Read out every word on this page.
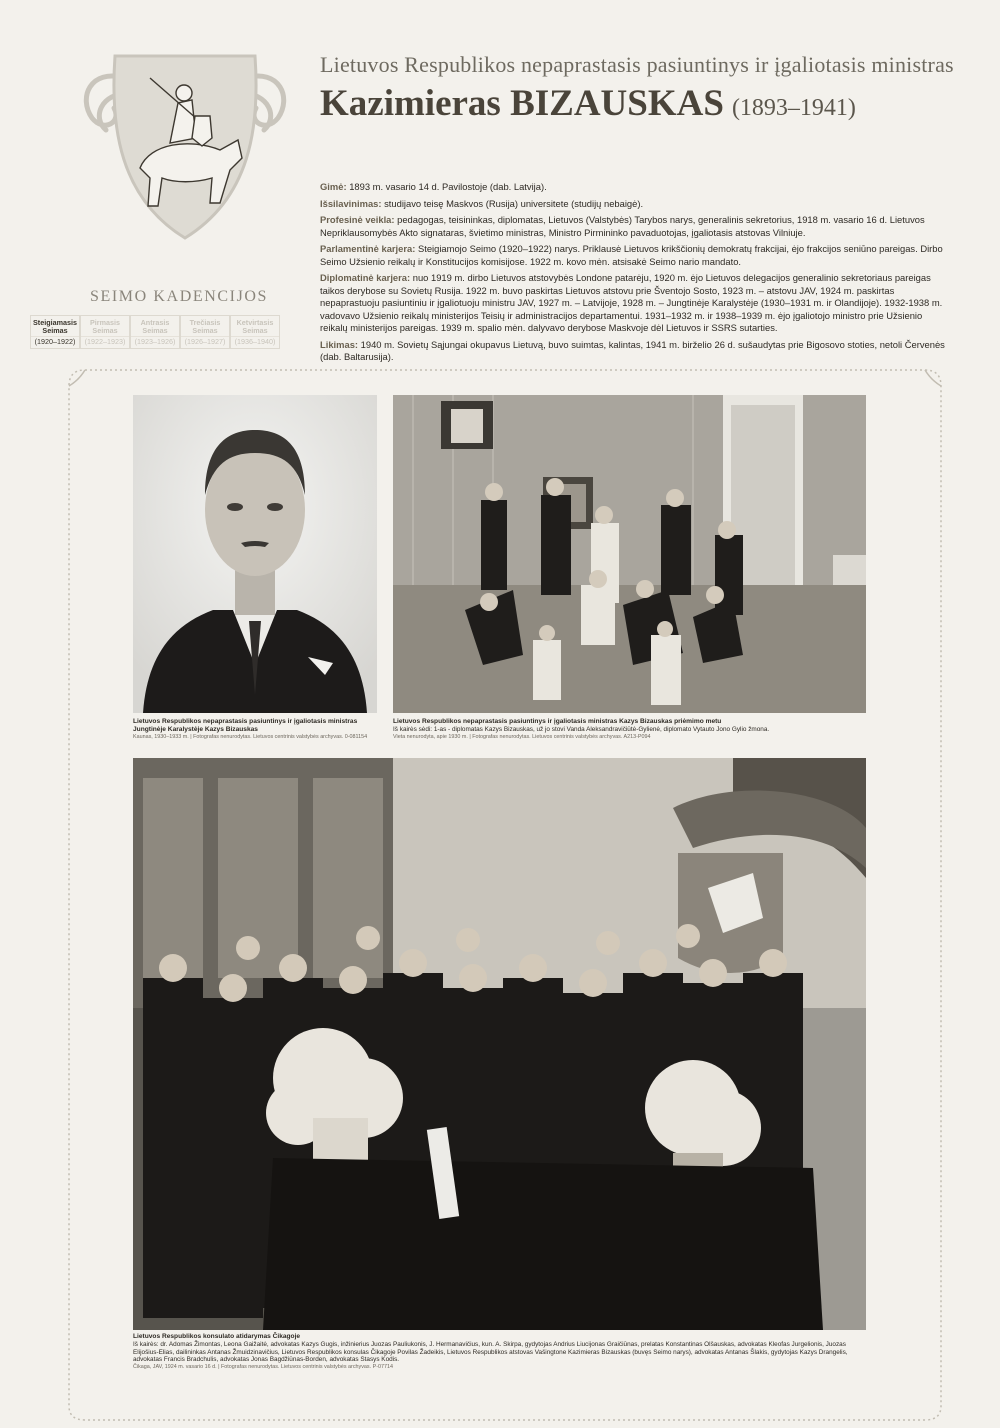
Lietuvos Respublikos nepaprastasis pasiuntinys ir įgaliotasis ministras
Kazimieras BIZAUSKAS (1893–1941)

Gimė: 1893 m. vasario 14 d. Pavilostoje (dab. Latvija).

Išsilavinimas: studijavo teisę Maskvos (Rusija) universitete (studijų nebaigė).

Profesinė veikla: pedagogas, teisininkas, diplomatas, Lietuvos (Valstybės) Tarybos narys, generalinis sekretorius, 1918 m. vasario 16 d. Lietuvos Nepriklausomybės Akto signataras, švietimo ministras, Ministro Pirmininko pavaduotojas, įgaliotasis atstovas Vilniuje.

Parlamentinė karjera: Steigiamojo Seimo (1920–1922) narys. Priklausė Lietuvos krikščionių demokratų frakcijai, ėjo frakcijos seniūno pareigas. Dirbo Seimo Užsienio reikalų ir Konstitucijos komisijose. 1922 m. kovo mėn. atsisakė Seimo nario mandato.

Diplomatinė karjera: nuo 1919 m. dirbo Lietuvos atstovybės Londone patarėju, 1920 m. ėjo Lietuvos delegacijos generalinio sekretoriaus pareigas taikos derybose su Sovietų Rusija. 1922 m. buvo paskirtas Lietuvos atstovu prie Šventojo Sosto, 1923 m. – atstovu JAV, 1924 m. paskirtas nepaprastuoju pasiuntiniu ir įgaliotuoju ministru JAV, 1927 m. – Latvijoje, 1928 m. – Jungtinėje Karalystėje (1930–1931 m. ir Olandijoje). 1932-1938 m. vadovavo Užsienio reikalų ministerijos Teisių ir administracijos departamentui. 1931–1932 m. ir 1938–1939 m. ėjo įgaliotojo ministro prie Užsienio reikalų ministerijos pareigas. 1939 m. spalio mėn. dalyvavo derybose Maskvoje dėl Lietuvos ir SSRS sutarties.

Likimas: 1940 m. Sovietų Sąjungai okupavus Lietuvą, buvo suimtas, kalintas, 1941 m. birželio 26 d. sušaudytas prie Bigosovo stoties, netoli Červenės (dab. Baltarusija).

SEIMO KADENCIJOS
Steigiamasis
Seimas
(1920–1922)
Pirmasis
Seimas
(1922–1923)
Antrasis
Seimas
(1923–1926)
Trečiasis
Seimas
(1926–1927)
Ketvirtasis
Seimas
(1936–1940)
Lietuvos Respublikos nepaprastasis pasiuntinys ir įgaliotasis ministras
Jungtinėje Karalystėje Kazys Bizauskas
Kaunas, 1930–1933 m. | Fotografas nenurodytas. Lietuvos centrinis valstybės archyvas. 0-081154
Lietuvos Respublikos nepaprastasis pasiuntinys ir įgaliotasis ministras Kazys Bizauskas priėmimo metu
Iš kairės sėdi: 1-as - diplomatas Kazys Bizauskas, už jo stovi Vanda Aleksandravičiūtė-Gylienė, diplomato Vytauto Jono Gylio žmona.
Vieta nenurodyta, apie 1930 m. | Fotografas nenurodytas. Lietuvos centrinis valstybės archyvas. A213-P094
Lietuvos Respublikos konsulato atidarymas Čikagoje
Iš kairės: dr. Adomas Žimontas, Leona Gaižaitė, advokatas Kazys Gugis, inžinierius Juozas Pauliukonis, J. Hermanavičius, kun. A. Skirpa, gydytojas Andrius Liucijonas Graičiūnas, prelatas Konstantinas Olšauskas, advokatas Kleofas Jurgelionis, Juozas Elijošius-Elias, dailininkas Antanas Žmuidzinavičius, Lietuvos Respublikos konsulas Čikagoje Povilas Žadeikis, Lietuvos Respublikos atstovas Vašingtone Kazimieras Bizauskas (buvęs Seimo narys), advokatas Antanas Šlakis, gydytojas Kazys Drangelis, advokatas Francis Bradchulis, advokatas Jonas Bagdžiūnas-Borden, advokatas Stasys Kodis.
Čikaga, JAV, 1924 m. vasario 16 d. | Fotografas nenurodytas. Lietuvos centrinis valstybės archyvas. P-07714
